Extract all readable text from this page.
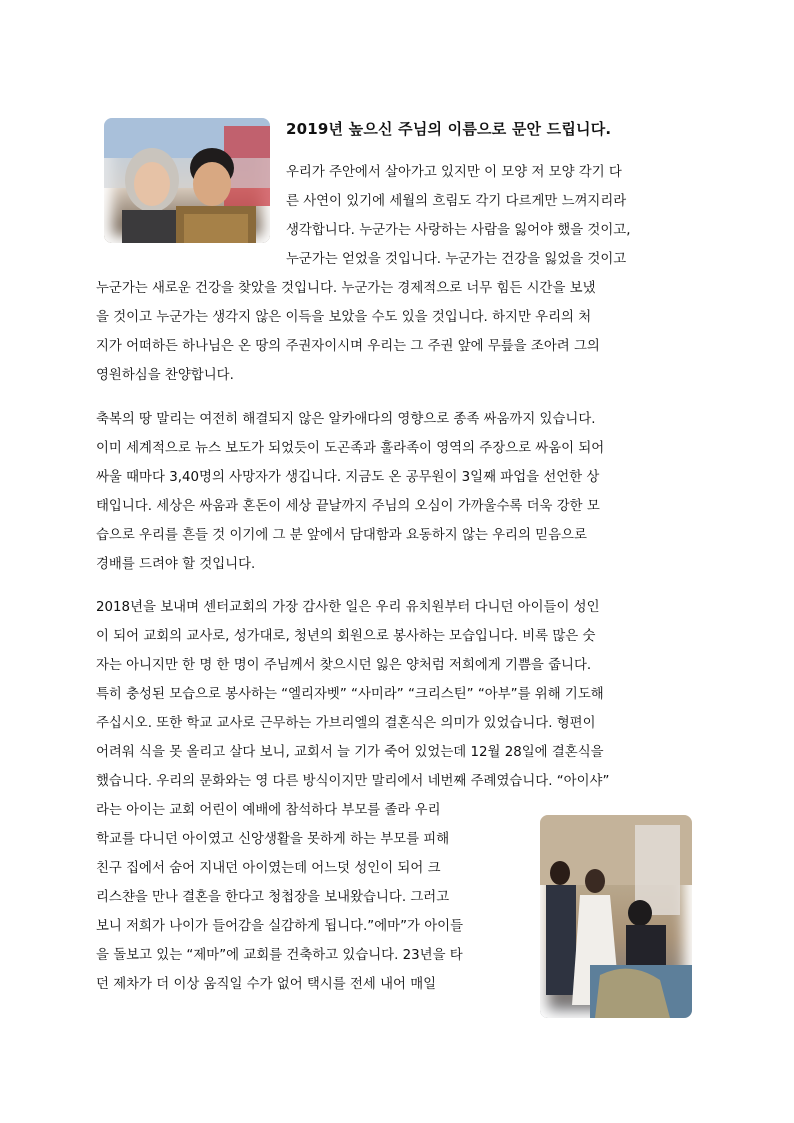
2019년 높으신 주님의 이름으로 문안 드립니다.
우리가 주안에서 살아가고 있지만 이 모양 저 모양 각기 다
른 사연이 있기에 세월의 흐림도 각기 다르게만 느껴지리라
생각합니다. 누군가는 사랑하는 사람을 잃어야 했을 것이고,
누군가는 얻었을 것입니다. 누군가는 건강을 잃었을 것이고
누군가는 새로운 건강을 찾았을 것입니다. 누군가는 경제적으로 너무 힘든 시간을 보냈
을 것이고 누군가는 생각지 않은 이득을 보았을 수도 있을 것입니다. 하지만 우리의 처
지가 어떠하든 하나님은 온 땅의 주권자이시며 우리는 그 주권 앞에 무릎을 조아려 그의
영원하심을 찬양합니다.
축복의 땅 말리는 여전히 해결되지 않은 알카애다의 영향으로 종족 싸움까지 있습니다.
이미 세계적으로 뉴스 보도가 되었듯이 도곤족과 훌라족이 영역의 주장으로 싸움이 되어
싸울 때마다 3,40명의 사망자가 생깁니다. 지금도 온 공무원이 3일째 파업을 선언한 상
태입니다. 세상은 싸움과 혼돈이 세상 끝날까지 주님의 오심이 가까울수록 더욱 강한 모
습으로 우리를 흔들 것 이기에 그 분 앞에서 담대함과 요동하지 않는 우리의 믿음으로
경배를 드려야 할 것입니다.
2018년을 보내며 센터교회의 가장 감사한 일은 우리 유치원부터 다니던 아이들이 성인
이 되어 교회의 교사로, 성가대로, 청년의 회원으로 봉사하는 모습입니다. 비록 많은 숫
자는 아니지만 한 명 한 명이 주님께서 찾으시던 잃은 양처럼 저희에게 기쁨을 줍니다.
특히 충성된 모습으로 봉사하는 “엘리자벳” “사미라” “크리스틴” “아부”를 위해 기도해
주십시오. 또한 학교 교사로 근무하는 가브리엘의 결혼식은 의미가 있었습니다. 형편이
어려워 식을 못 올리고 살다 보니, 교회서 늘 기가 죽어 있었는데 12월 28일에 결혼식을
했습니다. 우리의 문화와는 영 다른 방식이지만 말리에서 네번째 주례였습니다. “아이샤”
라는 아이는 교회 어린이 예배에 참석하다 부모를 졸라 우리
학교를 다니던 아이였고 신앙생활을 못하게 하는 부모를 피해
친구 집에서 숨어 지내던 아이였는데 어느덧 성인이 되어 크
리스챤을 만나 결혼을 한다고 청첩장을 보내왔습니다. 그러고
보니 저희가 나이가 들어감을 실감하게 됩니다.”에마”가 아이들
을 돌보고 있는 “제마”에 교회를 건축하고 있습니다. 23년을 타
던 제차가 더 이상 움직일 수가 없어 택시를 전세 내어 매일
